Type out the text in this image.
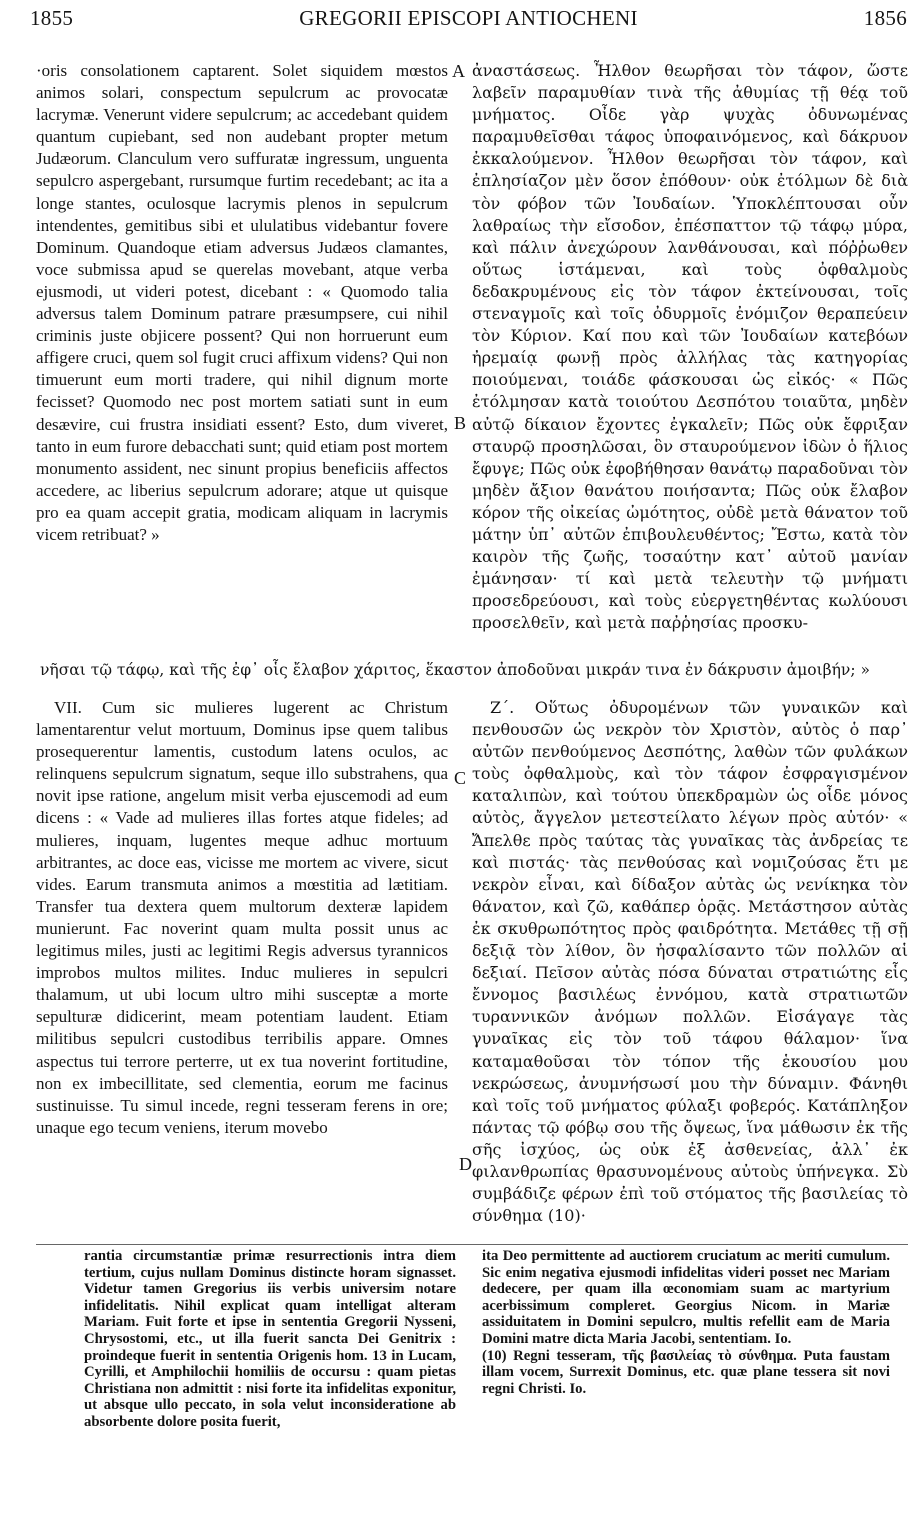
1855	GREGORII EPISCOPI ANTIOCHENI	1856
A
B
C
D

·oris consolationem captarent. Solet siquidem mœstos animos solari, conspectum sepulcrum ac provocatæ lacrymæ. Venerunt videre sepulcrum; ac accedebant quidem quantum cupiebant, sed non audebant propter metum Judæorum. Clanculum vero suffuratæ ingressum, unguenta sepulcro aspergebant, rursumque furtim recedebant; ac ita a longe stantes, oculosque lacrymis plenos in sepulcrum intendentes, gemitibus sibi et ululatibus videbantur fovere Dominum. Quandoque etiam adversus Judæos clamantes, voce submissa apud se querelas movebant, atque verba ejusmodi, ut videri potest, dicebant : « Quomodo talia adversus talem Dominum patrare præsumpsere, cui nihil criminis juste objicere possent? Qui non horruerunt eum affigere cruci, quem sol fugit cruci affixum videns? Qui non timuerunt eum morti tradere, qui nihil dignum morte fecisset? Quomodo nec post mortem satiati sunt in eum desævire, cui frustra insidiati essent? Esto, dum viveret, tanto in eum furore debacchati sunt; quid etiam post mortem monumento assident, nec sinunt propius beneficiis affectos accedere, ac liberius sepulcrum adorare; atque ut quisque pro ea quam accepit gratia, modicam aliquam in lacrymis vicem retribuat? »

ἀναστάσεως. Ἦλθον θεωρῆσαι τὸν τάφον, ὥστε λαβεῖν παραμυθίαν τινὰ τῆς ἀθυμίας τῇ θέᾳ τοῦ μνήματος. Οἶδε γὰρ ψυχὰς ὀδυνωμένας παραμυθεῖσθαι τάφος ὑποφαινόμενος, καὶ δάκρυον ἐκκαλούμενον. Ἦλθον θεωρῆσαι τὸν τάφον, καὶ ἐπλησίαζον μὲν ὅσον ἐπόθουν· οὐκ ἐτόλμων δὲ διὰ τὸν φόβον τῶν Ἰουδαίων. Ὑποκλέπτουσαι οὖν λαθραίως τὴν εἴσοδον, ἐπέσπαττον τῷ τάφῳ μύρα, καὶ πάλιν ἀνεχώρουν λανθάνουσαι, καὶ πόῤῥωθεν οὕτως ἱστάμεναι, καὶ τοὺς ὀφθαλμοὺς δεδακρυμένους εἰς τὸν τάφον ἐκτείνουσαι, τοῖς στεναγμοῖς καὶ τοῖς ὀδυρμοῖς ἐνόμιζον θεραπεύειν τὸν Κύριον. Καί που καὶ τῶν Ἰουδαίων κατεβόων ἠρεμαίᾳ φωνῇ πρὸς ἀλλήλας τὰς κατηγορίας ποιούμεναι, τοιάδε φάσκουσαι ὡς εἰκός· « Πῶς ἐτόλμησαν κατὰ τοιούτου Δεσπότου τοιαῦτα, μηδὲν αὐτῷ δίκαιον ἔχοντες ἐγκαλεῖν; Πῶς οὐκ ἔφριξαν σταυρῷ προσηλῶσαι, ὃν σταυρούμενον ἰδὼν ὁ ἥλιος ἔφυγε; Πῶς οὐκ ἐφοβήθησαν θανάτῳ παραδοῦναι τὸν μηδὲν ἄξιον θανάτου ποιήσαντα; Πῶς οὐκ ἔλαβον κόρον τῆς οἰκείας ὠμότητος, οὐδὲ μετὰ θάνατον τοῦ μάτην ὑπ᾽ αὐτῶν ἐπιβουλευθέντος; Ἔστω, κατὰ τὸν καιρὸν τῆς ζωῆς, τοσαύτην κατ᾽ αὐτοῦ μανίαν ἐμάνησαν· τί καὶ μετὰ τελευτὴν τῷ μνήματι προσεδρεύουσι, καὶ τοὺς εὐεργετηθέντας κωλύουσι προσελθεῖν, καὶ μετὰ παῤῥησίας προσκυ-

νῆσαι τῷ τάφῳ, καὶ τῆς ἐφ᾽ οἷς ἔλαβον χάριτος, ἕκαστον ἀποδοῦναι μικράν τινα ἐν δάκρυσιν ἀμοιβήν; »

VII. Cum sic mulieres lugerent ac Christum lamentarentur velut mortuum, Dominus ipse quem talibus prosequerentur lamentis, custodum latens oculos, ac relinquens sepulcrum signatum, seque illo substrahens, qua novit ipse ratione, angelum misit verba ejuscemodi ad eum dicens : « Vade ad mulieres illas fortes atque fideles; ad mulieres, inquam, lugentes meque adhuc mortuum arbitrantes, ac doce eas, vicisse me mortem ac vivere, sicut vides. Earum transmuta animos a mœstitia ad lætitiam. Transfer tua dextera quem multorum dexteræ lapidem munierunt. Fac noverint quam multa possit unus ac legitimus miles, justi ac legitimi Regis adversus tyrannicos improbos multos milites. Induc mulieres in sepulcri thalamum, ut ubi locum ultro mihi susceptæ a morte sepulturæ didicerint, meam potentiam laudent. Etiam militibus sepulcri custodibus terribilis appare. Omnes aspectus tui terrore perterre, ut ex tua noverint fortitudine, non ex imbecillitate, sed clementia, eorum me facinus sustinuisse. Tu simul incede, regni tesseram ferens in ore; unaque ego tecum veniens, iterum movebo

Ζ΄. Οὕτως ὀδυρομένων τῶν γυναικῶν καὶ πενθουσῶν ὡς νεκρὸν τὸν Χριστὸν, αὐτὸς ὁ παρ᾽ αὐτῶν πενθούμενος Δεσπότης, λαθὼν τῶν φυλάκων τοὺς ὀφθαλμοὺς, καὶ τὸν τάφον ἐσφραγισμένον καταλιπὼν, καὶ τούτου ὑπεκδραμὼν ὡς οἶδε μόνος αὐτὸς, ἄγγελον μετεστείλατο λέγων πρὸς αὐτόν· « Ἄπελθε πρὸς ταύτας τὰς γυναῖκας τὰς ἀνδρείας τε καὶ πιστάς· τὰς πενθούσας καὶ νομιζούσας ἔτι με νεκρὸν εἶναι, καὶ δίδαξον αὐτὰς ὡς νενίκηκα τὸν θάνατον, καὶ ζῶ, καθάπερ ὁρᾷς. Μετάστησον αὐτὰς ἐκ σκυθρωπότητος πρὸς φαιδρότητα. Μετάθες τῇ σῇ δεξιᾷ τὸν λίθον, ὃν ἠσφαλίσαντο τῶν πολλῶν αἱ δεξιαί. Πεῖσον αὐτὰς πόσα δύναται στρατιώτης εἷς ἔννομος βασιλέως ἐννόμου, κατὰ στρατιωτῶν τυραννικῶν ἀνόμων πολλῶν. Εἰσάγαγε τὰς γυναῖκας εἰς τὸν τοῦ τάφου θάλαμον· ἵνα καταμαθοῦσαι τὸν τόπον τῆς ἑκουσίου μου νεκρώσεως, ἀνυμνήσωσί μου τὴν δύναμιν. Φάνηθι καὶ τοῖς τοῦ μνήματος φύλαξι φοβερός. Κατάπληξον πάντας τῷ φόβῳ σου τῆς ὄψεως, ἵνα μάθωσιν ἐκ τῆς σῆς ἰσχύος, ὡς οὐκ ἐξ ἀσθενείας, ἀλλ᾽ ἐκ φιλανθρωπίας θρασυνομένους αὐτοὺς ὑπήνεγκα. Σὺ συμβάδιζε φέρων ἐπὶ τοῦ στόματος τῆς βασιλείας τὸ σύνθημα (10)·

rantia circumstantiæ primæ resurrectionis intra diem tertium, cujus nullam Dominus distincte horam signasset. Videtur tamen Gregorius iis verbis universim notare infidelitatis. Nihil explicat quam intelligat alteram Mariam. Fuit forte et ipse in sententia Gregorii Nysseni, Chrysostomi, etc., ut illa fuerit sancta Dei Genitrix : proindeque fuerit in sententia Origenis hom. 13 in Lucam, Cyrilli, et Amphilochii homiliis de occursu : quam pietas Christiana non admittit : nisi forte ita infidelitas exponitur, ut absque ullo peccato, in sola velut inconsideratione ab absorbente dolore posita fuerit,

ita Deo permittente ad auctiorem cruciatum ac meriti cumulum. Sic enim negativa ejusmodi infidelitas videri posset nec Mariam dedecere, per quam illa œconomiam suam ac martyrium acerbissimum compleret. Georgius Nicom. in Mariæ assiduitatem in Domini sepulcro, multis refellit eam de Maria Domini matre dicta Maria Jacobi, sententiam. Io.

(10) Regni tesseram, τῆς βασιλείας τὸ σύνθημα. Puta faustam illam vocem, Surrexit Dominus, etc. quæ plane tessera sit novi regni Christi. Io.
